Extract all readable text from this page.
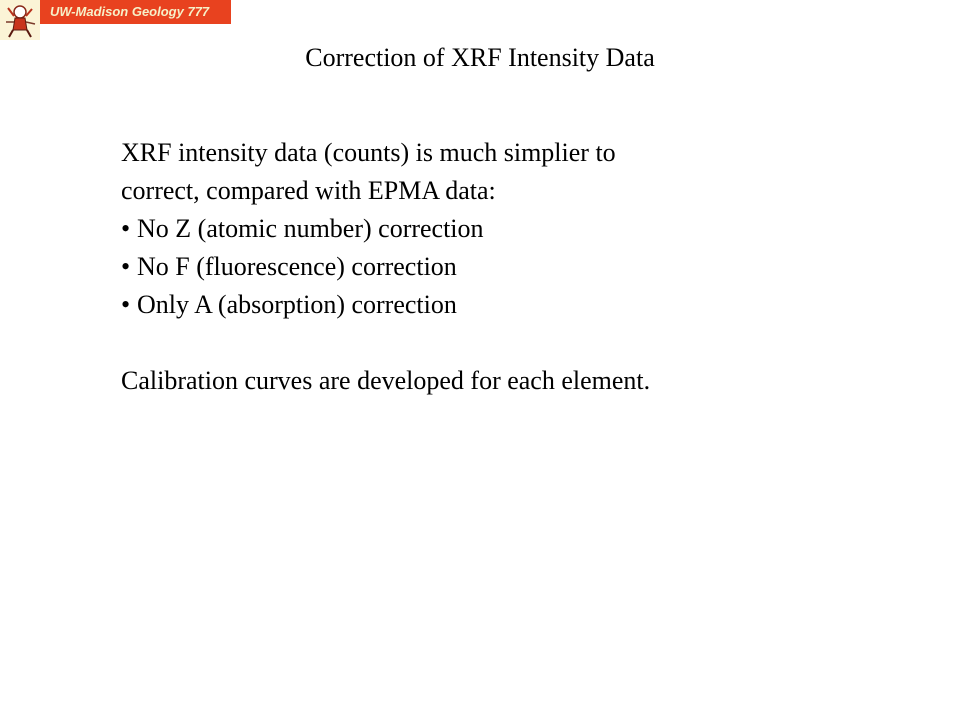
UW-Madison Geology 777
Correction of XRF Intensity Data

XRF intensity data (counts) is much simplier to

correct, compared with EPMA data:

• No Z (atomic number) correction
• No F (fluorescence) correction
• Only A (absorption) correction

Calibration curves are developed for each element.
